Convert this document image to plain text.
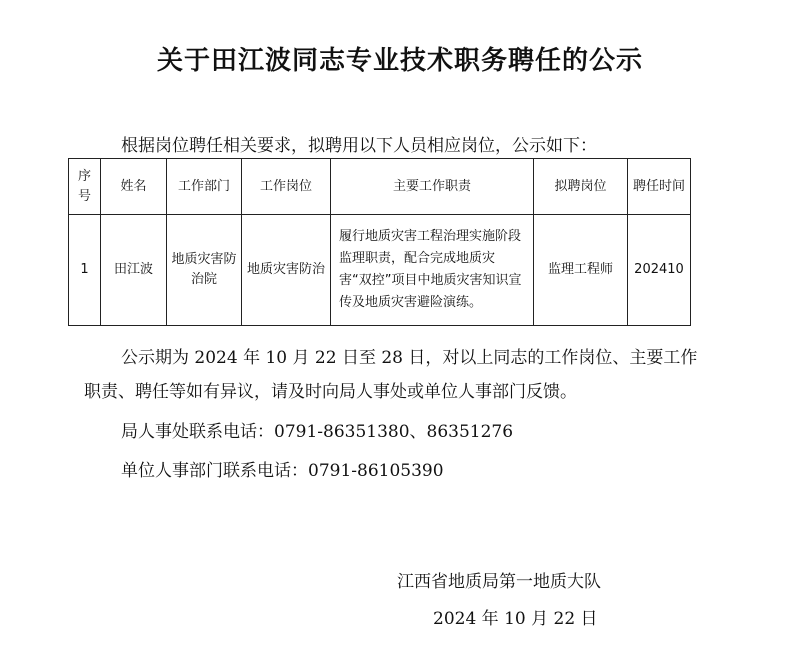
关于田江波同志专业技术职务聘任的公示
根据岗位聘任相关要求，拟聘用以下人员相应岗位，公示如下：
序号	姓名	工作部门	工作岗位	主要工作职责	拟聘岗位	聘任时间
1	田江波	地质灾害防治院	地质灾害防治	履行地质灾害工程治理实施阶段监理职责，配合完成地质灾害“双控”项目中地质灾害知识宣传及地质灾害避险演练。	监理工程师	202410
公示期为 2024 年 10 月 22 日至 28 日，对以上同志的工作岗位、主要工作
职责、聘任等如有异议，请及时向局人事处或单位人事部门反馈。
局人事处联系电话：0791-86351380、86351276
单位人事部门联系电话：0791-86105390
江西省地质局第一地质大队
2024 年 10 月 22 日
